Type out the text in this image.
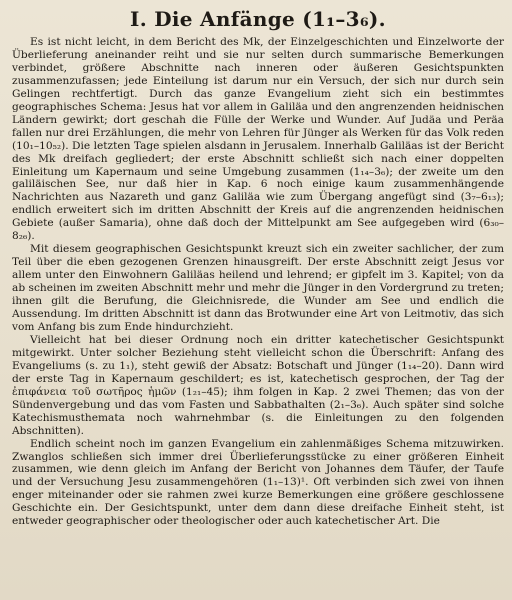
I. Die Anfänge (1₁–3₆).

Es ist nicht leicht, in dem Bericht des Mk, der Einzelgeschichten und Einzelworte der Überlieferung aneinander reiht und sie nur selten durch summarische Bemerkungen verbindet, größere Abschnitte nach inneren oder äußeren Gesichtspunkten zusammenzufassen; jede Einteilung ist darum nur ein Versuch, der sich nur durch sein Gelingen rechtfertigt. Durch das ganze Evangelium zieht sich ein bestimmtes geographisches Schema: Jesus hat vor allem in Galiläa und den angrenzenden heidnischen Ländern gewirkt; dort geschah die Fülle der Werke und Wunder. Auf Judäa und Peräa fallen nur drei Erzählungen, die mehr von Lehren für Jünger als Werken für das Volk reden (10₁–10₅₂). Die letzten Tage spielen alsdann in Jerusalem. Innerhalb Galiläas ist der Bericht des Mk dreifach gegliedert; der erste Abschnitt schließt sich nach einer doppelten Einleitung um Kapernaum und seine Umgebung zusammen (1₁₄–3₆); der zweite um den galiläischen See, nur daß hier in Kap. 6 noch einige kaum zusammenhängende Nachrichten aus Nazareth und ganz Galiläa wie zum Übergang angefügt sind (3₇–6₁₃); endlich erweitert sich im dritten Abschnitt der Kreis auf die angrenzenden heidnischen Gebiete (außer Samaria), ohne daß doch der Mittelpunkt am See aufgegeben wird (6₃₀–8₂₆).

Mit diesem geographischen Gesichtspunkt kreuzt sich ein zweiter sachlicher, der zum Teil über die eben gezogenen Grenzen hinausgreift. Der erste Abschnitt zeigt Jesus vor allem unter den Einwohnern Galiläas heilend und lehrend; er gipfelt im 3. Kapitel; von da ab scheinen im zweiten Abschnitt mehr und mehr die Jünger in den Vordergrund zu treten; ihnen gilt die Berufung, die Gleichnisrede, die Wunder am See und endlich die Aussendung. Im dritten Abschnitt ist dann das Brotwunder eine Art von Leitmotiv, das sich vom Anfang bis zum Ende hindurchzieht.

Vielleicht hat bei dieser Ordnung noch ein dritter katechetischer Gesichtspunkt mitgewirkt. Unter solcher Beziehung steht vielleicht schon die Überschrift: Anfang des Evangeliums (s. zu 1₁), steht gewiß der Absatz: Botschaft und Jünger (1₁₄–20). Dann wird der erste Tag in Kapernaum geschildert; es ist, katechetisch gesprochen, der Tag der ἐπιφάνεια τοῦ σωτῆρος ἡμῶν (1₂₁–45); ihm folgen in Kap. 2 zwei Themen; das von der Sündenvergebung und das vom Fasten und Sabbathalten (2₁–3₆). Auch später sind solche Katechismusthemata noch wahrnehmbar (s. die Einleitungen zu den folgenden Abschnitten).

Endlich scheint noch im ganzen Evangelium ein zahlenmäßiges Schema mitzuwirken. Zwanglos schließen sich immer drei Überlieferungsstücke zu einer größeren Einheit zusammen, wie denn gleich im Anfang der Bericht von Johannes dem Täufer, der Taufe und der Versuchung Jesu zusammengehören (1₁–13)¹. Oft verbinden sich zwei von ihnen enger miteinander oder sie rahmen zwei kurze Bemerkungen eine größere geschlossene Geschichte ein. Der Gesichtspunkt, unter dem dann diese dreifache Einheit steht, ist entweder geographischer oder theologischer oder auch katechetischer Art. Die
